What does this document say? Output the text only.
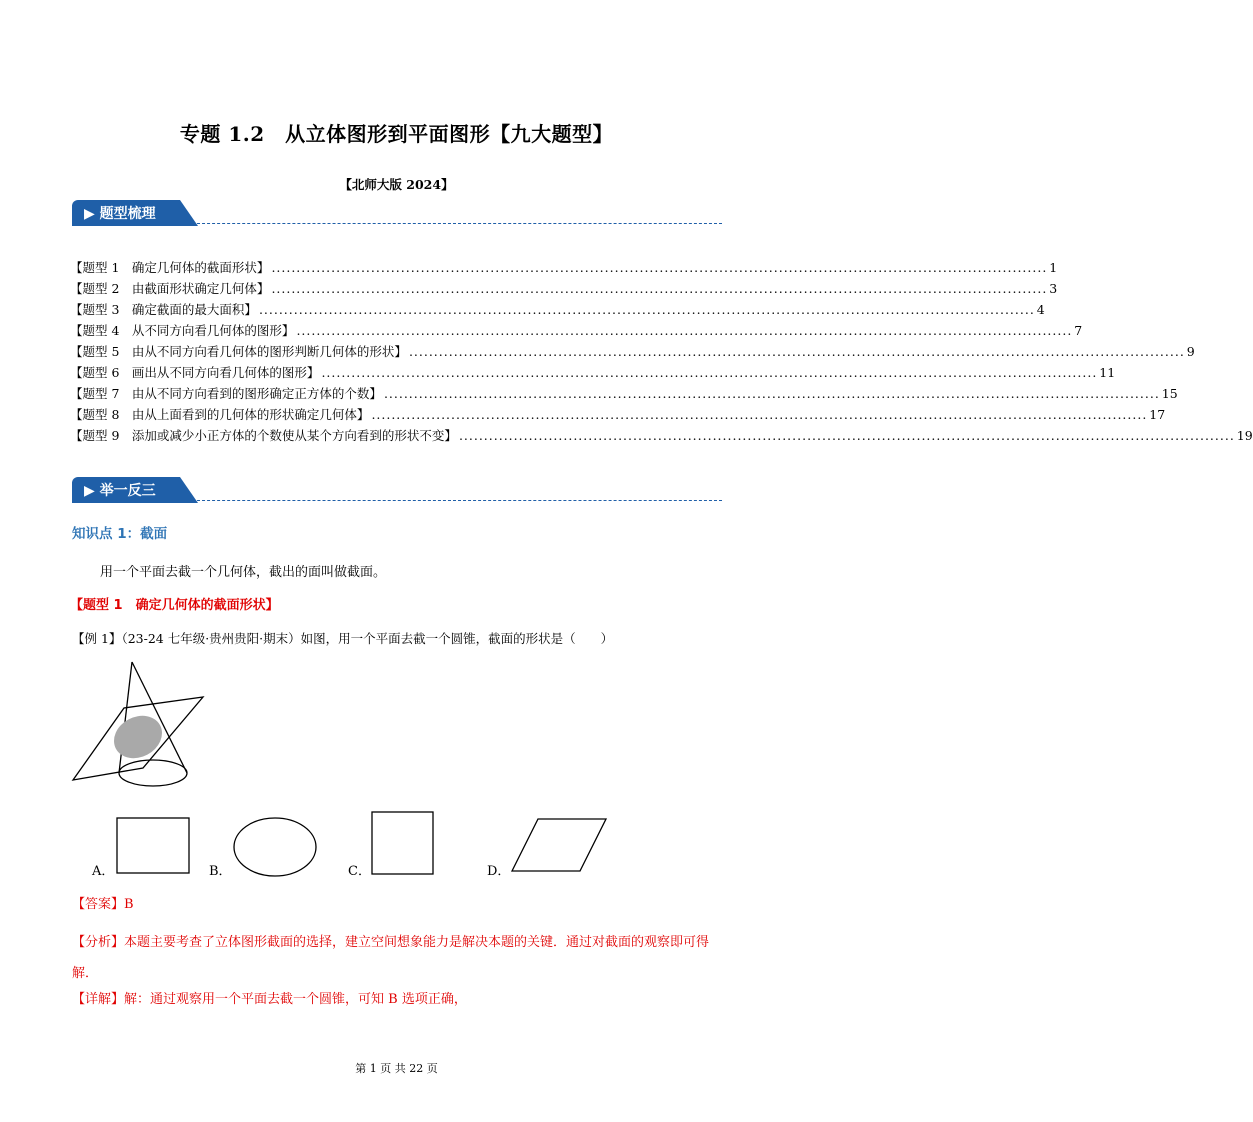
专题 1.2　从立体图形到平面图形【九大题型】
【北师大版 2024】
▶ 题型梳理
【题型 1　确定几何体的截面形状】 ............................................................................................................................................................ 1
【题型 2　由截面形状确定几何体】 ............................................................................................................................................................ 3
【题型 3　确定截面的最大面积】 ............................................................................................................................................................ 4
【题型 4　从不同方向看几何体的图形】 ............................................................................................................................................................ 7
【题型 5　由从不同方向看几何体的图形判断几何体的形状】 ............................................................................................................................................................ 9
【题型 6　画出从不同方向看几何体的图形】 ............................................................................................................................................................ 11
【题型 7　由从不同方向看到的图形确定正方体的个数】 ............................................................................................................................................................ 15
【题型 8　由从上面看到的几何体的形状确定几何体】 ............................................................................................................................................................ 17
【题型 9　添加或减少小正方体的个数使从某个方向看到的形状不变】 ............................................................................................................................................................ 19
▶ 举一反三
知识点 1：截面
用一个平面去截一个几何体，截出的面叫做截面。
【题型 1　确定几何体的截面形状】
【例 1】（23-24 七年级·贵州贵阳·期末）如图，用一个平面去截一个圆锥，截面的形状是（　　）
A．	B．	C．	D．
【答案】B
【分析】本题主要考查了立体图形截面的选择，建立空间想象能力是解决本题的关键．通过对截面的观察即可得解．
【详解】解：通过观察用一个平面去截一个圆锥，可知 B 选项正确，
第 1 页 共 22 页
